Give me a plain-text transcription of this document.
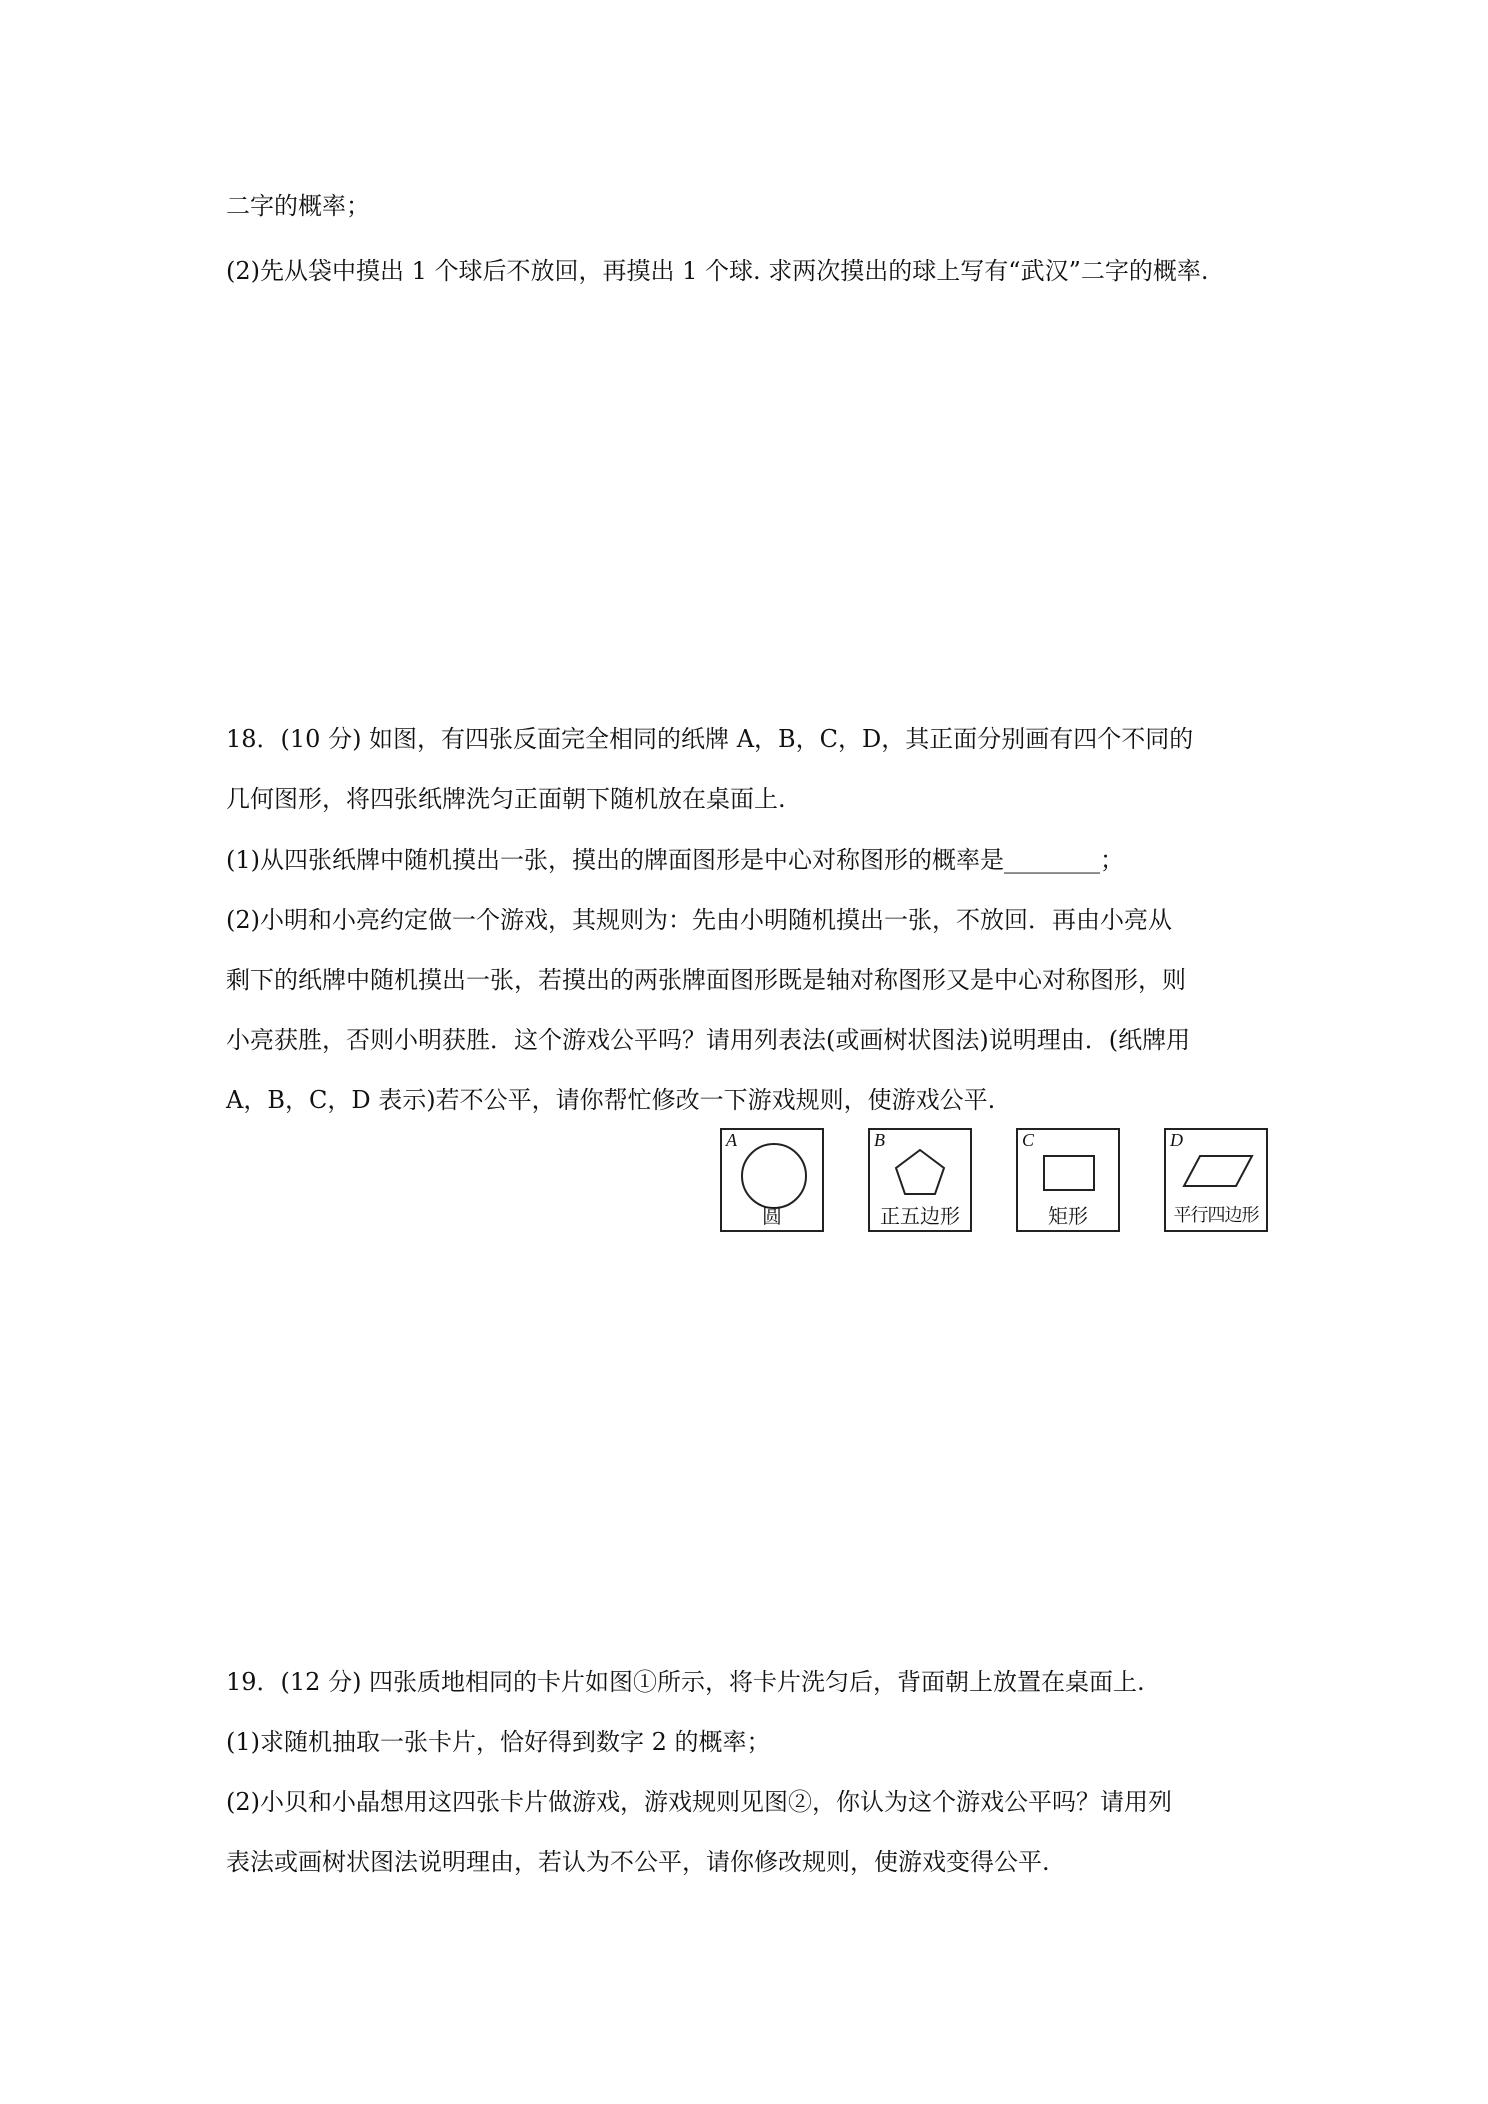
二字的概率；
(2)先从袋中摸出 1 个球后不放回，再摸出 1 个球. 求两次摸出的球上写有“武汉”二字的概率.
18．(10 分) 如图，有四张反面完全相同的纸牌 A，B，C，D，其正面分别画有四个不同的
几何图形，将四张纸牌洗匀正面朝下随机放在桌面上.
(1)从四张纸牌中随机摸出一张，摸出的牌面图形是中心对称图形的概率是________；
(2)小明和小亮约定做一个游戏，其规则为：先由小明随机摸出一张，不放回．再由小亮从
剩下的纸牌中随机摸出一张，若摸出的两张牌面图形既是轴对称图形又是中心对称图形，则
小亮获胜，否则小明获胜．这个游戏公平吗？请用列表法(或画树状图法)说明理由．(纸牌用
A，B，C，D 表示)若不公平，请你帮忙修改一下游戏规则，使游戏公平.
A
圆
B
正五边形
C
矩形
D
平行四边形
19．(12 分) 四张质地相同的卡片如图①所示，将卡片洗匀后，背面朝上放置在桌面上.
(1)求随机抽取一张卡片，恰好得到数字 2 的概率；
(2)小贝和小晶想用这四张卡片做游戏，游戏规则见图②，你认为这个游戏公平吗？请用列
表法或画树状图法说明理由，若认为不公平，请你修改规则，使游戏变得公平.
